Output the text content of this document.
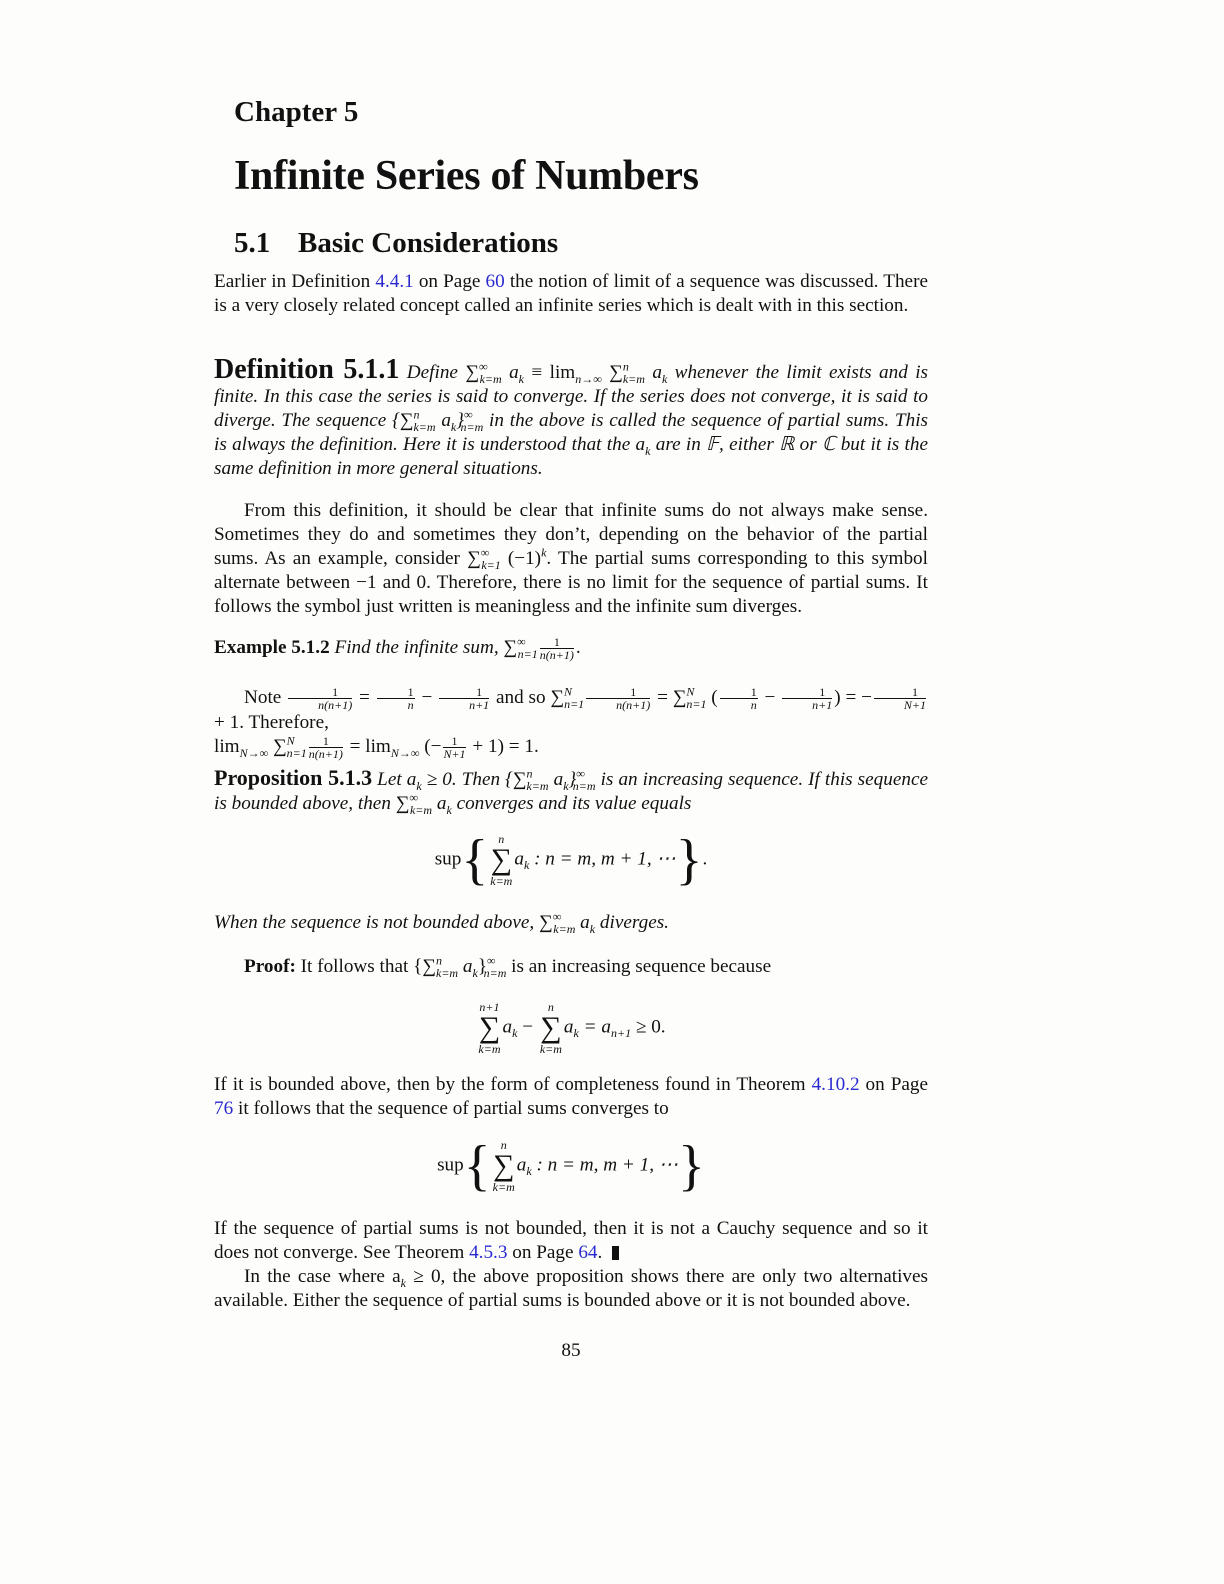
Chapter 5
Infinite Series of Numbers
5.1 Basic Considerations

Earlier in Definition 4.4.1 on Page 60 the notion of limit of a sequence was discussed. There is a very closely related concept called an infinite series which is dealt with in this section.

Definition 5.1.1 Define $\sum^\infty_{k=m}$ $a_k \equiv \lim_{n\to\infty} \sum^n_{k=m}$ $a_k$ whenever the limit exists and is finite. In this case the series is said to converge. If the series does not converge, it is said to diverge. The sequence {∑$^n_{k=m}$ $a_k\}^\infty_{n=m}$ in the above is called the sequence of partial sums. This is always the definition. Here it is understood that the $a_k$ are in 𝔽, either ℝ or ℂ but it is the same definition in more general situations.

From this definition, it should be clear that infinite sums do not always make sense. Sometimes they do and sometimes they don’t, depending on the behavior of the partial sums. As an example, consider $\sum^\infty_{k=1}$ $(-1)^k$. The partial sums corresponding to this symbol alternate between −1 and 0. Therefore, there is no limit for the sequence of partial sums. It follows the symbol just written is meaningless and the infinite sum diverges.

Example 5.1.2 Find the infinite sum, $\sum^\infty_{n=1} \frac{1}{n(n+1)}$ .

Note $\frac{1}{n(n+1)} = \frac{1}{n} - \frac{1}{n+1}$ and so $\sum^N_{n=1} \frac{1}{n(n+1)} = \sum^N_{n=1}$ ( $\frac{1}{n} - \frac{1}{n+1}$ ) = − $\frac{1}{N+1}$
+ 1. Therefore,

$\lim_{N\to\infty} \sum^N_{n=1} \frac{1}{n(n+1)} = \lim_{N\to\infty}$ (− $\frac{1}{N+1} + 1) = 1$.

Proposition 5.1.3 Let $a_k \ge 0$. Then {∑$^n_{k=m}$ $a_k\}^\infty_{n=m}$ is an increasing sequence. If this sequence is bounded above, then $\sum^\infty_{k=m}$ $a_k$ converges and its value equals

sup{ n
∑
k=m
$a_k$ : n = m, m + 1, ⋯}.

When the sequence is not bounded above, $\sum^\infty_{k=m}$ $a_k$ diverges.

Proof: It follows that {∑$^n_{k=m}$ $a_k\}^\infty_{n=m}$ is an increasing sequence because

n+1
∑
k=m
$a_k$ −
n
∑
k=m
$a_k = a_{n+1} \ge 0$.

If it is bounded above, then by the form of completeness found in Theorem 4.10.2 on Page 76 it follows that the sequence of partial sums converges to

sup{ n
∑
k=m
$a_k$ : n = m, m + 1, ⋯}

If the sequence of partial sums is not bounded, then it is not a Cauchy sequence and so it does not converge. See Theorem 4.5.3 on Page 64.

In the case where $a_k \ge 0$, the above proposition shows there are only two alternatives available. Either the sequence of partial sums is bounded above or it is not bounded above.

85
